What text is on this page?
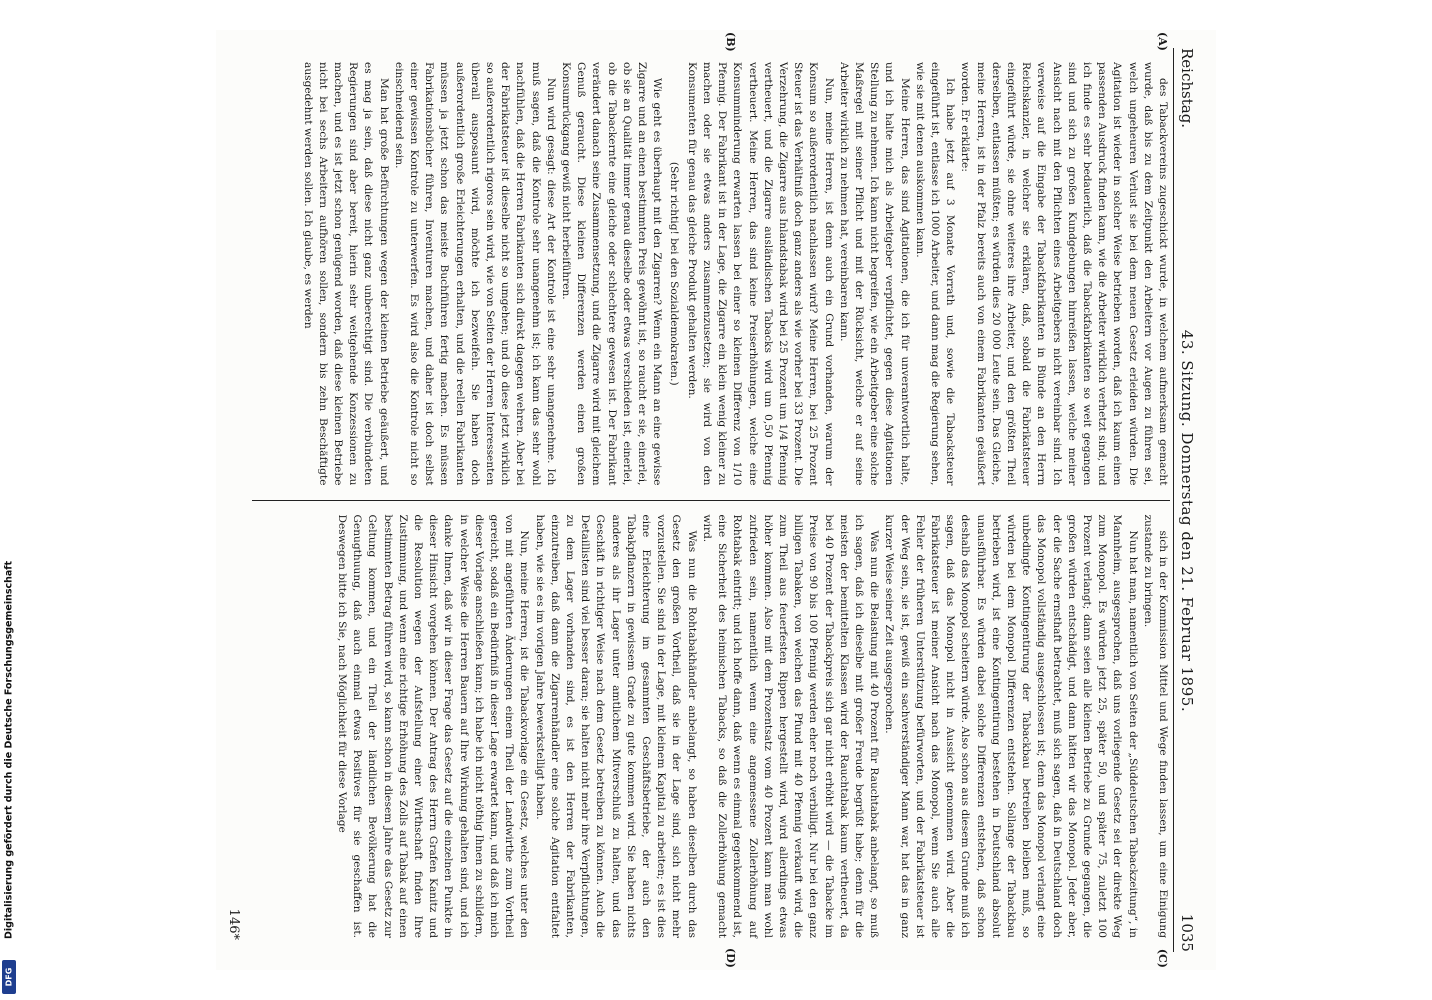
Reichstag.
43. Sitzung. Donnerstag den 21. Februar 1895.
1035
(A)
(B)

des Tabackvereins zugeschickt wurde, in welchem aufmerksam gemacht wurde, daß bis zu dem Zeitpunkt den Arbeitern vor Augen zu führen sei, welch ungeheuren Verlust sie bei dem neuen Gesetz erleiden würden. Die Agitation ist wieder in solcher Weise betrieben worden, daß ich kaum einen passenden Ausdruck finden kann, wie die Arbeiter wirklich verhetzt sind; und ich finde es sehr bedauerlich, daß die Tabackfabrikanten so weit gegangen sind und sich zu großen Kundgebungen hinreißen lassen, welche meiner Ansicht nach mit den Pflichten eines Arbeitgebers nicht vereinbar sind. Ich verweise auf die Eingabe der Tabackfabrikanten in Bünde an den Herrn Reichskanzler, in welcher sie erklären, daß, sobald die Fabrikatsteuer eingeführt würde, sie ohne weiteres ihre Arbeiter, und den größten Theil derselben, entlassen müßten; es würden dies 20 000 Leute sein. Das Gleiche, meine Herren, ist in der Pfalz bereits auch von einem Fabrikanten geäußert worden. Er erklärte:

Ich habe jetzt auf 3 Monate Vorrath und, sowie die Tabacksteuer eingeführt ist, entlasse ich 1000 Arbeiter, und dann mag die Regierung sehen, wie sie mit denen auskommen kann.

Meine Herren, das sind Agitationen, die ich für unverantwortlich halte, und ich halte mich als Arbeitgeber verpflichtet, gegen diese Agitationen Stellung zu nehmen. Ich kann nicht begreifen, wie ein Arbeitgeber eine solche Maßregel mit seiner Pflicht und mit der Rücksicht, welche er auf seine Arbeiter wirklich zu nehmen hat, vereinbaren kann.

Nun, meine Herren, ist denn auch ein Grund vorhanden, warum der Konsum so außerordentlich nachlassen wird? Meine Herren, bei 25 Prozent Steuer ist das Verhältniß doch ganz anders als wie vorher bei 33 Prozent. Die Verzehrung, die Zigarre aus Inlandstabak wird bei 25 Prozent um 1/4 Pfennig vertheuert, und die Zigarre ausländischen Tabacks wird um 0,50 Pfennig vertheuert. Meine Herren, das sind keine Preiserhöhungen, welche eine Konsumminderung erwarten lassen bei einer so kleinen Differenz von 1/10 Pfennig. Der Fabrikant ist in der Lage, die Zigarre ein klein wenig kleiner zu machen oder sie etwas anders zusammenzusetzen; sie wird von den Konsumenten für genau das gleiche Produkt gehalten werden.

(Sehr richtig! bei den Sozialdemokraten.)

Wie geht es überhaupt mit den Zigarren? Wenn ein Mann an eine gewisse Zigarre und an einen bestimmten Preis gewöhnt ist, so raucht er sie, einerlei, ob sie an Qualität immer genau dieselbe oder etwas verschieden ist, einerlei, ob die Tabackernte eine gleiche oder schlechtere gewesen ist. Der Fabrikant verändert danach seine Zusammensetzung, und die Zigarre wird mit gleichem Genuß geraucht. Diese kleinen Differenzen werden einen großen Konsumrückgang gewiß nicht herbeiführen.

Nun wird gesagt: diese Art der Kontrole ist eine sehr unangenehme. Ich muß sagen, daß die Kontrole sehr unangenehm ist; ich kann das sehr wohl nachfühlen, daß die Herren Fabrikanten sich direkt dagegen wehren. Aber bei der Fabrikatsteuer ist dieselbe nicht so umgehen; und ob diese jetzt wirklich so außerordentlich rigoros sein wird, wie von Seiten der Herren Interessenten überall ausposaunt wird, möchte ich bezweifeln. Sie haben doch außerordentlich große Erleichterungen erhalten, und die reellen Fabrikanten müssen ja jetzt schon das meiste Buchführen fertig machen. Es müssen Fabrikationsbücher führen, Inventuren machen, und daher ist doch selbst einer gewissen Kontrole zu unterwerfen. Es wird also die Kontrole nicht so einschneidend sein.

Man hat große Befürchtungen wegen der kleinen Betriebe geäußert, und es mag ja sein, daß diese nicht ganz unberechtigt sind. Die verbündeten Regierungen sind aber bereit, hierin sehr weitgehende Konzessionen zu machen, und es ist jetzt schon genügend worden, daß diese kleinen Betriebe nicht bei sechs Arbeitern aufhören sollen, sondern bis zehn Beschäftigte ausgedehnt werden sollen. Ich glaube, es werden

(C)
(D)

sich in der Kommission Mittel und Wege finden lassen, um eine Einigung zustande zu bringen.

Nun hat man, namentlich von Seiten der „Süddeutschen Tabackzeitung“, in Mannheim, ausgesprochen, daß uns vorliegende Gesetz sei der direkte Weg zum Monopol. Es würden jetzt 25, später 50, und später 75, zuletzt 100 Prozent verlangt; dann seien alle kleinen Betriebe zu Grunde gegangen, die großen würden entschädigt, und dann hätten wir das Monopol. Jeder aber, der die Sache ernsthaft betrachtet, muß sich sagen, daß in Deutschland doch das Monopol vollständig ausgeschlossen ist; denn das Monopol verlangt eine unbedingte Kontingentirung der Tabackbau betreiben bleiben muß, so würden bei dem Monopol Differenzen entstehen. Sollange der Tabackbau betrieben wird, ist eine Kontingentirung bestehen in Deutschland absolut unausführbar. Es würden dabei solche Differenzen entstehen, daß schon deshalb das Monopol scheitern würde. Also schon aus diesem Grunde muß ich sagen, daß das Monopol nicht in Aussicht genommen wird. Aber die Fabrikatsteuer ist meiner Ansicht nach das Monopol, wenn Sie auch alle Fehler der früheren Unterstützung befürworten, und der Fabrikatsteuer ist der Weg sein, sie ist, gewiß ein sachverständiger Mann war, hat das in ganz kurzer Weise seiner Zeit ausgesprochen.

Was nun die Belastung mit 40 Prozent für Rauchtabak anbelangt, so muß ich sagen, daß ich dieselbe mit großer Freude begrüßt habe; denn für die meisten der bemittelten Klassen wird der Rauchtabak kaum vertheuert, da bei 40 Prozent der Tabackpreis sich gar nicht erhöht wird — die Tabacke im Preise von 90 bis 100 Pfennig werden eher noch verbilligt. Nur bei den ganz billigen Tabaken, von welchen das Pfund mit 40 Pfennig verkauft wird, die zum Theil aus feuerfesten Rippen hergestellt wird, wird allerdings etwas höher kommen. Also mit dem Prozentsatz vom 40 Prozent kann man wohl zufrieden sein, namentlich wenn eine angemessene Zollerhöhung auf Rohtabak eintritt; und ich hoffe dann, daß wenn es einmal gegenkommend ist, eine Sicherheit des heimischen Tabacks, so daß die Zollerhöhung gemacht wird.

Was nun die Rohtabakhändler anbelangt, so haben dieselben durch das Gesetz den großen Vortheil, daß sie in der Lage sind, sich nicht mehr vorzustellen. Sie sind in der Lage, mit kleinem Kapital zu arbeiten; es ist dies eine Erleichterung im gesammten Geschäftsbetriebe, der auch den Tabakpflanzern in gewissem Grade zu gute kommen wird. Sie haben nichts anderes als ihr Lager unter amtlichem Mitverschluß zu halten, und das Geschäft in richtiger Weise nach dem Gesetz betreiben zu können. Auch die Detaillisten sind viel besser daran; sie halten nicht mehr ihre Verpflichtungen, zu dem Lager vorhanden sind, es ist den Herren der Fabrikanten, einzutreiben, daß dann die Zigarrenhändler eine solche Agitation entfaltet haben, wie sie es im vorigen Jahre bewerkstelligt haben.

Nun, meine Herren, ist die Tabackvorlage ein Gesetz, welches unter den von mit angeführten Änderungen einem Theil der Landwirthe zum Vortheil gereicht, sodaß ein Bedürfniß in dieser Lage erwartet kann, und daß ich mich dieser Vorlage anschließen kann; ich habe ich nicht nöthig Ihnen zu schildern, in welcher Weise die Herren Bauern auf Ihre Wirkung gehalten sind, und ich danke Ihnen, daß wir in dieser Frage das Gesetz auf die einzelnen Punkte in dieser Hinsicht vorgehen können. Der Antrag des Herrn Grafen Kanitz und die Resolution wegen der Aufstellung einer Wirthschaft finden Ihre Zustimmung, und wenn eine richtige Erhöhung des Zolls auf Tabak auf einen bestimmten Betrag führen wird, so kann schon in diesem Jahre das Gesetz zur Geltung kommen, und ein Theil der ländlichen Bevölkerung hat die Genugthuung, daß auch einmal etwas Positives für sie geschaffen ist. Deswegen bitte ich Sie, nach Möglichkeit für diese Vorlage

146*
Digitalisierung gefördert durch die Deutsche Forschungsgemeinschaft
DFG
